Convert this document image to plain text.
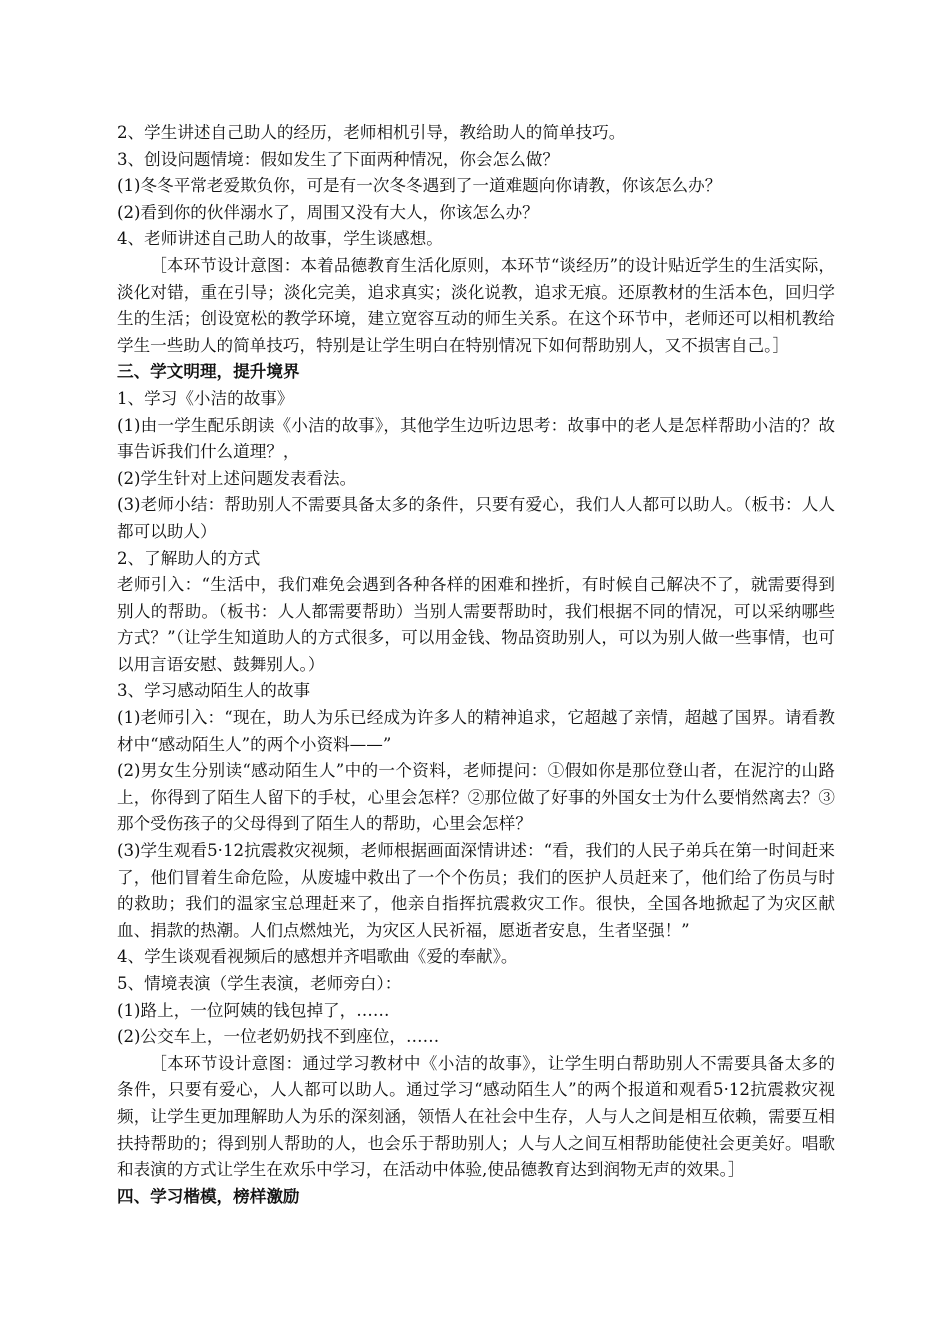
2、学生讲述自己助人的经历，老师相机引导，教给助人的简单技巧。

3、创设问题情境：假如发生了下面两种情况，你会怎么做？

(1)冬冬平常老爱欺负你，可是有一次冬冬遇到了一道难题向你请教，你该怎么办？

(2)看到你的伙伴溺水了，周围又没有大人，你该怎么办？

4、老师讲述自己助人的故事，学生谈感想。

［本环节设计意图：本着品德教育生活化原则，本环节“谈经历”的设计贴近学生的生活实际，淡化对错，重在引导；淡化完美，追求真实；淡化说教，追求无痕。还原教材的生活本色，回归学生的生活；创设宽松的教学环境，建立宽容互动的师生关系。在这个环节中，老师还可以相机教给学生一些助人的简单技巧，特别是让学生明白在特别情况下如何帮助别人，又不损害自己。］

三、学文明理，提升境界

1、学习《小洁的故事》

(1)由一学生配乐朗读《小洁的故事》，其他学生边听边思考：故事中的老人是怎样帮助小洁的？故事告诉我们什么道理？，

(2)学生针对上述问题发表看法。

(3)老师小结：帮助别人不需要具备太多的条件，只要有爱心，我们人人都可以助人。（板书：人人都可以助人）

2、了解助人的方式

老师引入：“生活中，我们难免会遇到各种各样的困难和挫折，有时候自己解决不了，就需要得到别人的帮助。（板书：人人都需要帮助）当别人需要帮助时，我们根据不同的情况，可以采纳哪些方式？”（让学生知道助人的方式很多，可以用金钱、物品资助别人，可以为别人做一些事情，也可以用言语安慰、鼓舞别人。）

3、学习感动陌生人的故事

(1)老师引入：“现在，助人为乐已经成为许多人的精神追求，它超越了亲情，超越了国界。请看教材中“感动陌生人”的两个小资料——”

(2)男女生分别读“感动陌生人”中的一个资料，老师提问：①假如你是那位登山者，在泥泞的山路上，你得到了陌生人留下的手杖，心里会怎样？②那位做了好事的外国女士为什么要悄然离去？③那个受伤孩子的父母得到了陌生人的帮助，心里会怎样？

(3)学生观看5·12抗震救灾视频，老师根据画面深情讲述：“看，我们的人民子弟兵在第一时间赶来了，他们冒着生命危险，从废墟中救出了一个个伤员；我们的医护人员赶来了，他们给了伤员与时的救助；我们的温家宝总理赶来了，他亲自指挥抗震救灾工作。很快，全国各地掀起了为灾区献血、捐款的热潮。人们点燃烛光，为灾区人民祈福，愿逝者安息，生者坚强！”

4、学生谈观看视频后的感想并齐唱歌曲《爱的奉献》。

5、情境表演（学生表演，老师旁白）：

(1)路上，一位阿姨的钱包掉了，……

(2)公交车上，一位老奶奶找不到座位，……

［本环节设计意图：通过学习教材中《小洁的故事》，让学生明白帮助别人不需要具备太多的条件，只要有爱心，人人都可以助人。通过学习“感动陌生人”的两个报道和观看5·12抗震救灾视频，让学生更加理解助人为乐的深刻涵，领悟人在社会中生存，人与人之间是相互依赖，需要互相扶持帮助的；得到别人帮助的人，也会乐于帮助别人；人与人之间互相帮助能使社会更美好。唱歌和表演的方式让学生在欢乐中学习，在活动中体验,使品德教育达到润物无声的效果。］

四、学习楷模，榜样激励
